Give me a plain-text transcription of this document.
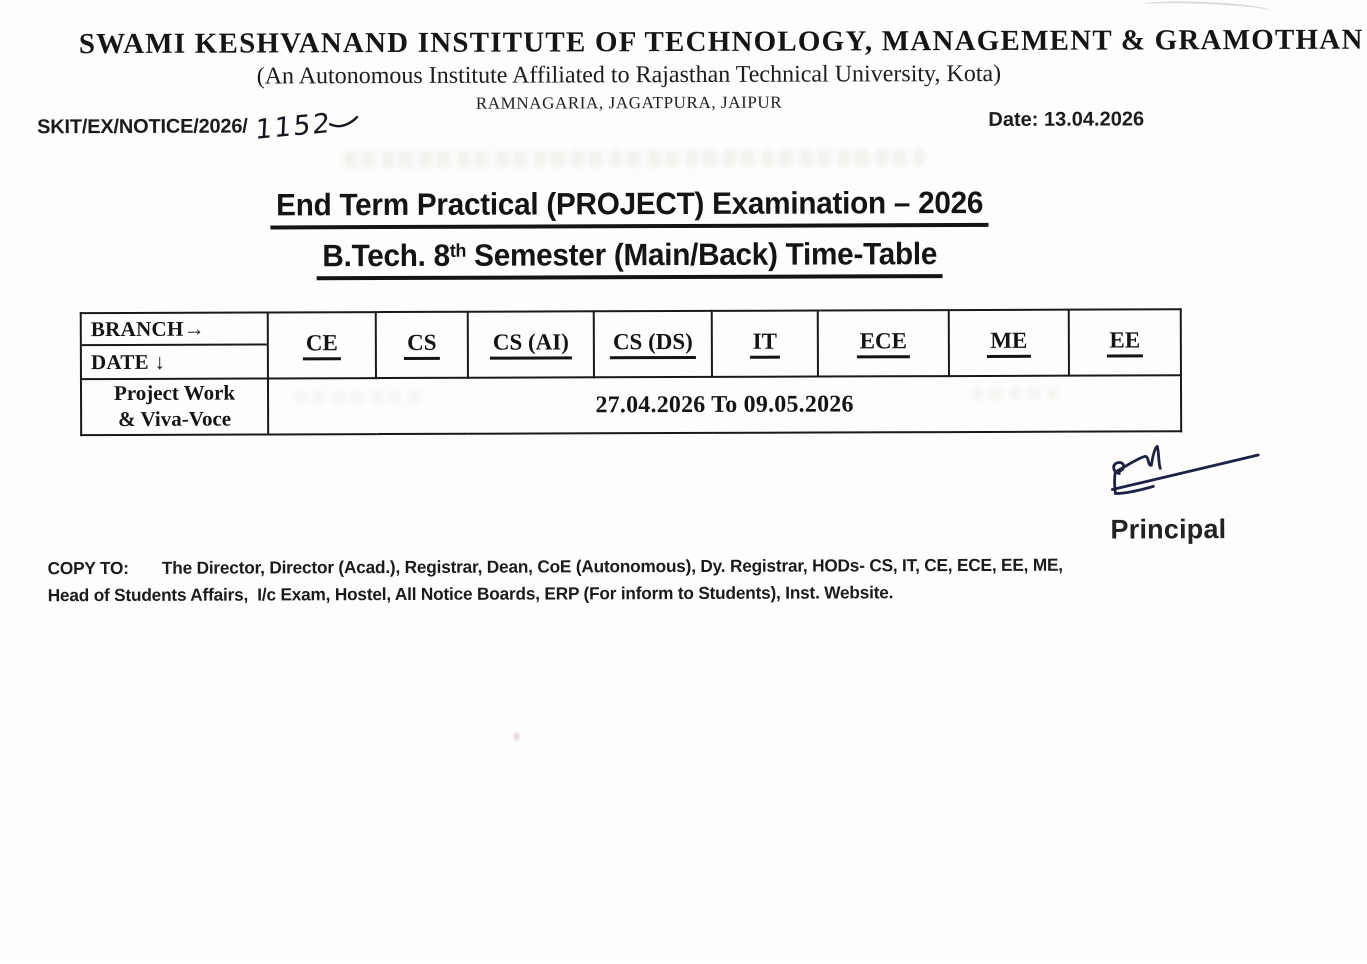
SWAMI KESHVANAND INSTITUTE OF TECHNOLOGY, MANAGEMENT & GRAMOTHAN
(An Autonomous Institute Affiliated to Rajasthan Technical University, Kota)
RAMNAGARIA, JAGATPURA, JAIPUR
SKIT/EX/NOTICE/2026/ 1152	Date: 13.04.2026
End Term Practical (PROJECT) Examination – 2026
B.Tech. 8th Semester (Main/Back) Time-Table
BRANCH→
DATE ↓	CE	CS	CS (AI)	CS (DS)	IT	ECE	ME	EE

Project Work
& Viva-Voce	27.04.2026 To 09.05.2026							
Principal
COPY TO: The Director, Director (Acad.), Registrar, Dean, CoE (Autonomous), Dy. Registrar, HODs- CS, IT, CE, ECE, EE, ME,
Head of Students Affairs,  I/c Exam, Hostel, All Notice Boards, ERP (For inform to Students), Inst. Website.
